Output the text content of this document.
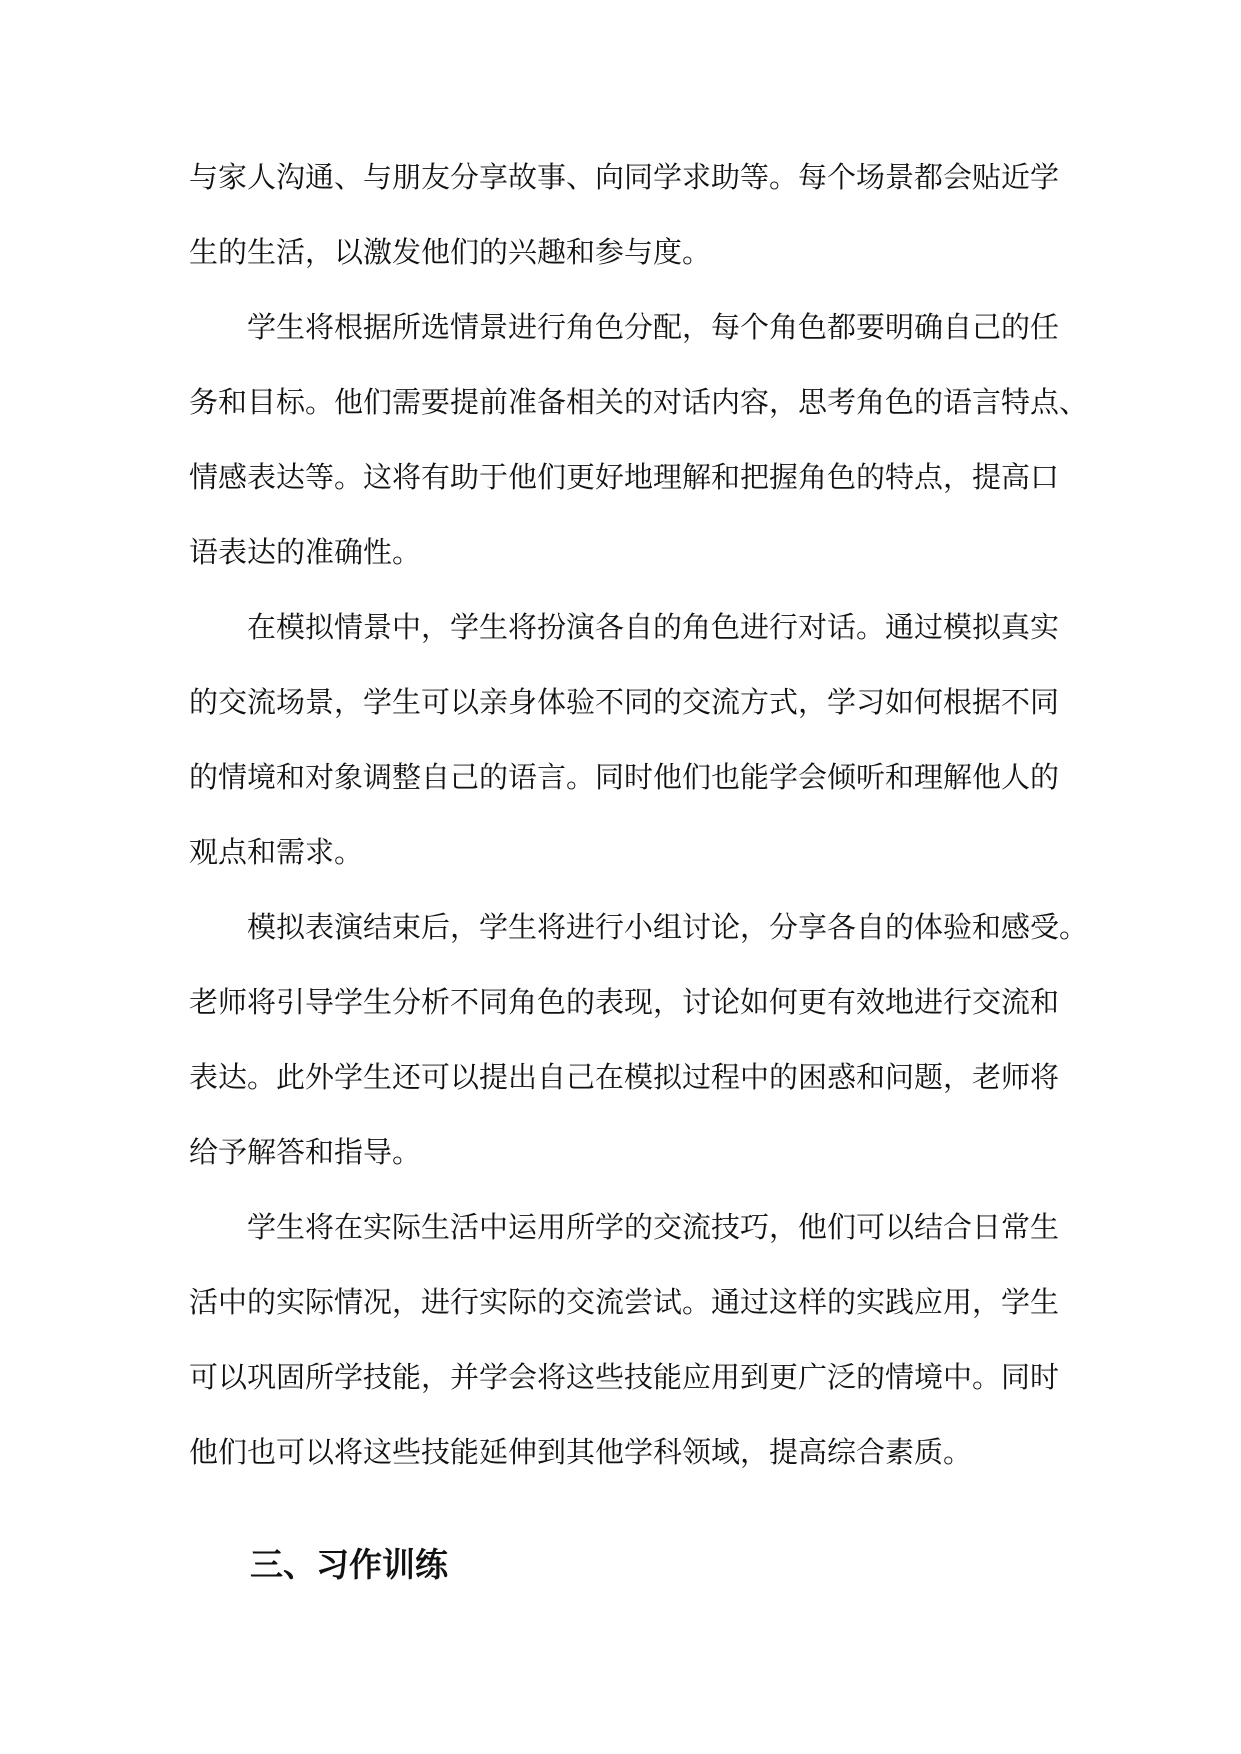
与家人沟通、与朋友分享故事、向同学求助等。每个场景都会贴近学
生的生活，以激发他们的兴趣和参与度。
学生将根据所选情景进行角色分配，每个角色都要明确自己的任
务和目标。他们需要提前准备相关的对话内容，思考角色的语言特点、
情感表达等。这将有助于他们更好地理解和把握角色的特点，提高口
语表达的准确性。
在模拟情景中，学生将扮演各自的角色进行对话。通过模拟真实
的交流场景，学生可以亲身体验不同的交流方式，学习如何根据不同
的情境和对象调整自己的语言。同时他们也能学会倾听和理解他人的
观点和需求。
模拟表演结束后，学生将进行小组讨论，分享各自的体验和感受。
老师将引导学生分析不同角色的表现，讨论如何更有效地进行交流和
表达。此外学生还可以提出自己在模拟过程中的困惑和问题，老师将
给予解答和指导。
学生将在实际生活中运用所学的交流技巧，他们可以结合日常生
活中的实际情况，进行实际的交流尝试。通过这样的实践应用，学生
可以巩固所学技能，并学会将这些技能应用到更广泛的情境中。同时
他们也可以将这些技能延伸到其他学科领域，提高综合素质。
三、习作训练
